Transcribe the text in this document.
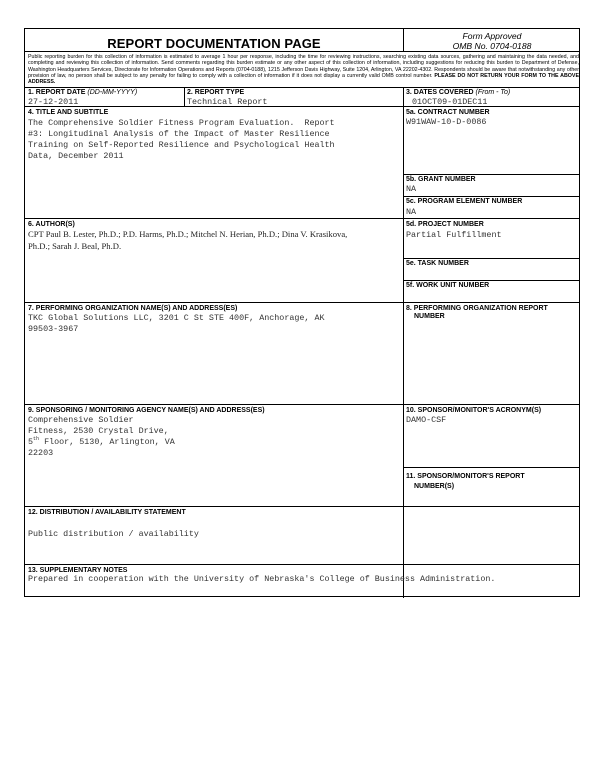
REPORT DOCUMENTATION PAGE	Form Approved
OMB No. 0704-0188
Public reporting burden for this collection of information is estimated to average 1 hour per response, including the time for reviewing instructions, searching existing data sources, gathering and maintaining the data needed, and completing and reviewing this collection of information. Send comments regarding this burden estimate or any other aspect of this collection of information, including suggestions for reducing this burden to Department of Defense, Washington Headquarters Services, Directorate for Information Operations and Reports (0704-0188), 1215 Jefferson Davis Highway, Suite 1204, Arlington, VA 22202-4302. Respondents should be aware that notwithstanding any other provision of law, no person shall be subject to any penalty for failing to comply with a collection of information if it does not display a currently valid OMB control number. PLEASE DO NOT RETURN YOUR FORM TO THE ABOVE ADDRESS.
1. REPORT DATE (DD-MM-YYYY)
27-12-2011
2. REPORT TYPE
Technical Report
3. DATES COVERED (From - To)
01OCT09-01DEC11
4. TITLE AND SUBTITLE
The Comprehensive Soldier Fitness Program Evaluation.  Report
#3: Longitudinal Analysis of the Impact of Master Resilience
Training on Self-Reported Resilience and Psychological Health
Data, December 2011
5a. CONTRACT NUMBER
W91WAW-10-D-0086
5b. GRANT NUMBER
NA
5c. PROGRAM ELEMENT NUMBER
NA
6. AUTHOR(S)
CPT Paul B. Lester, Ph.D.; P.D. Harms, Ph.D.; Mitchel N. Herian, Ph.D.; Dina V. Krasikova,
Ph.D.; Sarah J. Beal, Ph.D.
5d. PROJECT NUMBER
Partial Fulfillment
5e. TASK NUMBER
5f. WORK UNIT NUMBER
7. PERFORMING ORGANIZATION NAME(S) AND ADDRESS(ES)
TKC Global Solutions LLC, 3201 C St STE 400F, Anchorage, AK
99503-3967
8. PERFORMING ORGANIZATION REPORT
NUMBER
9. SPONSORING / MONITORING AGENCY NAME(S) AND ADDRESS(ES)
Comprehensive Soldier
Fitness, 2530 Crystal Drive,
5th Floor, 5130, Arlington, VA
22203
10. SPONSOR/MONITOR'S ACRONYM(S)
DAMO-CSF
11. SPONSOR/MONITOR'S REPORT
NUMBER(S)
12. DISTRIBUTION / AVAILABILITY STATEMENT
Public distribution / availability
13. SUPPLEMENTARY NOTES
Prepared in cooperation with the University of Nebraska's College of Business Administration.
